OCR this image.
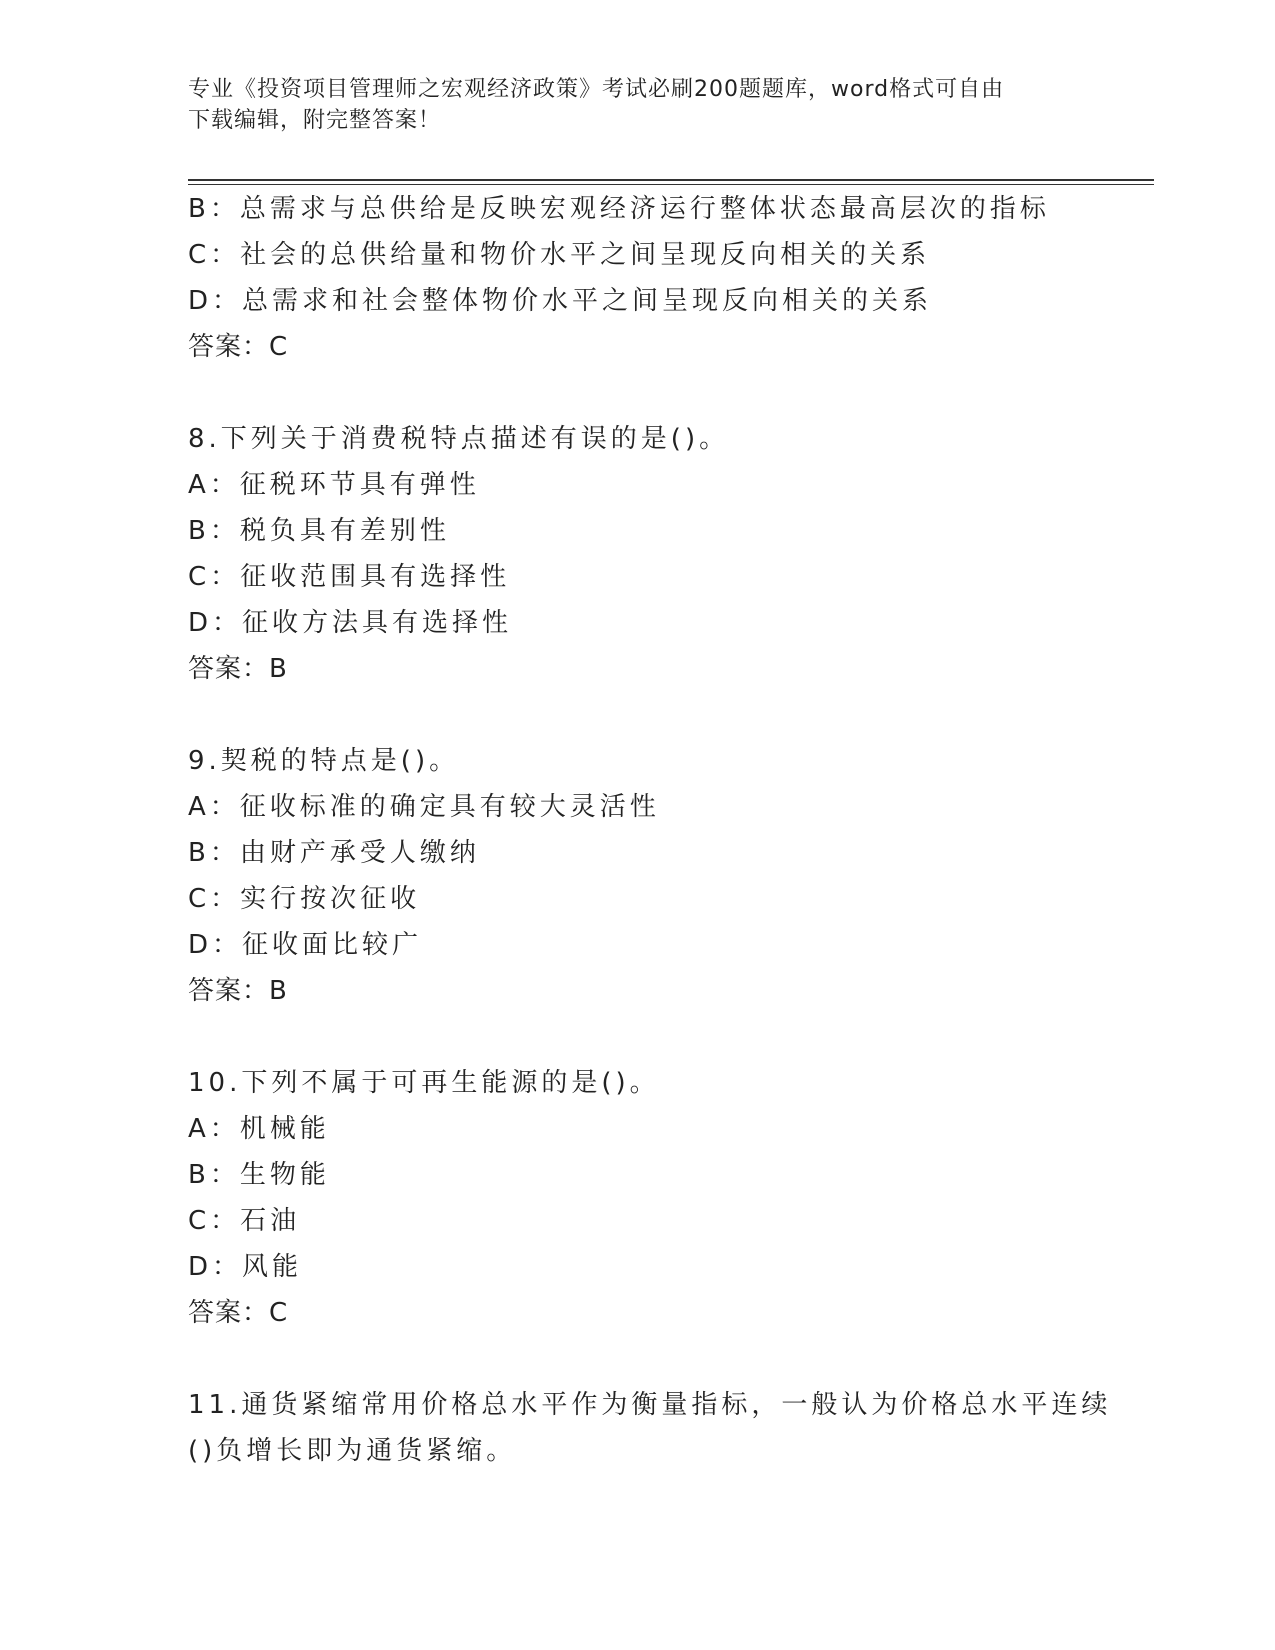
专业《投资项目管理师之宏观经济政策》考试必刷200题题库，word格式可自由
下载编辑，附完整答案！
B：总需求与总供给是反映宏观经济运行整体状态最高层次的指标
C：社会的总供给量和物价水平之间呈现反向相关的关系
D：总需求和社会整体物价水平之间呈现反向相关的关系
答案：C
8.下列关于消费税特点描述有误的是()。
A：征税环节具有弹性
B：税负具有差别性
C：征收范围具有选择性
D：征收方法具有选择性
答案：B
9.契税的特点是()。
A：征收标准的确定具有较大灵活性
B：由财产承受人缴纳
C：实行按次征收
D：征收面比较广
答案：B
10.下列不属于可再生能源的是()。
A：机械能
B：生物能
C：石油
D：风能
答案：C
11.通货紧缩常用价格总水平作为衡量指标，一般认为价格总水平连续
()负增长即为通货紧缩。
